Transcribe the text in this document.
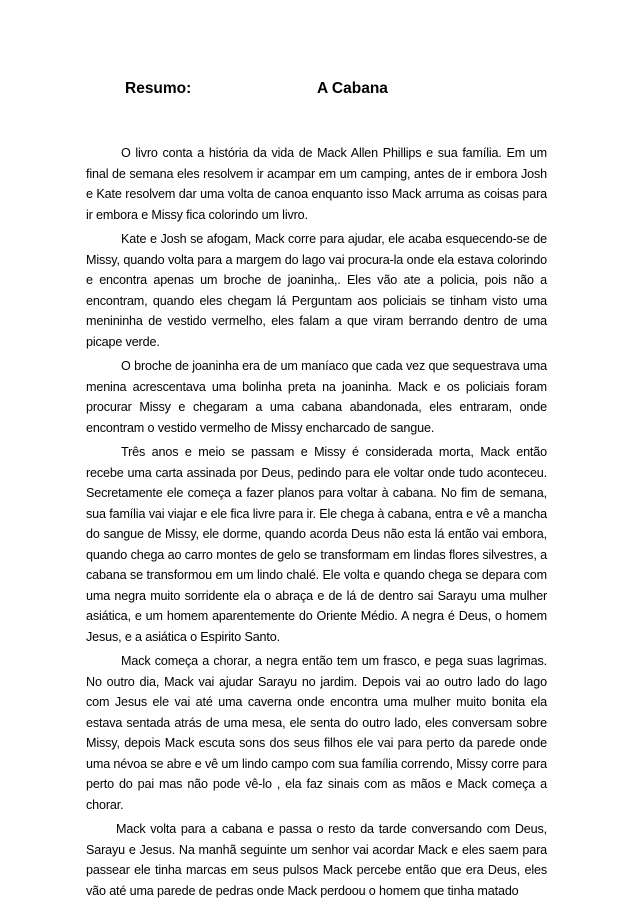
Resumo:	A Cabana

O livro conta a história da vida de Mack Allen Phillips e sua família. Em um final de semana eles resolvem ir acampar em um camping, antes de ir embora Josh e Kate resolvem dar uma volta de canoa enquanto isso Mack arruma as coisas para ir embora e Missy fica colorindo um livro.

Kate e Josh se afogam, Mack corre para ajudar, ele acaba esquecendo-se de Missy, quando volta para a margem do lago vai procura-la onde ela estava colorindo e encontra apenas um broche de joaninha,. Eles vão ate a policia, pois não a encontram, quando eles chegam lá Perguntam aos policiais se tinham visto uma menininha de vestido vermelho, eles falam a que viram berrando dentro de uma picape verde.

O broche de joaninha era de um maníaco que cada vez que sequestrava uma menina acrescentava uma bolinha preta na joaninha. Mack e os policiais foram procurar Missy e chegaram a uma cabana abandonada, eles entraram, onde encontram o vestido vermelho de Missy encharcado de sangue.

Três anos e meio se passam e Missy é considerada morta, Mack então recebe uma carta assinada por Deus, pedindo para ele voltar onde tudo aconteceu. Secretamente ele começa a fazer planos para voltar à cabana. No fim de semana, sua família vai viajar e ele fica livre para ir. Ele chega à cabana, entra e vê a mancha do sangue de Missy, ele dorme, quando acorda Deus não esta lá então vai embora, quando chega ao carro montes de gelo se transformam em lindas flores silvestres, a cabana se transformou em um lindo chalé. Ele volta e quando chega se depara com uma negra muito sorridente ela o abraça e de lá de dentro sai Sarayu uma mulher asiática, e um homem aparentemente do Oriente Médio. A negra é Deus, o homem Jesus, e a asiática o Espirito Santo.

Mack começa a chorar, a negra então tem um frasco, e pega suas lagrimas. No outro dia, Mack vai ajudar Sarayu no jardim. Depois vai ao outro lado do lago com Jesus ele vai até uma caverna onde encontra uma mulher muito bonita ela estava sentada atrás de uma mesa, ele senta do outro lado, eles conversam sobre Missy, depois Mack escuta sons dos seus filhos ele vai para perto da parede onde uma névoa se abre e vê um lindo campo com sua família correndo, Missy corre para perto do pai mas não pode vê-lo , ela faz sinais com as mãos e Mack começa a chorar.

Mack volta para a cabana e passa o resto da tarde conversando com Deus, Sarayu e Jesus. Na manhã seguinte um senhor vai acordar Mack e eles saem para passear ele tinha marcas em seus pulsos Mack percebe então que era Deus, eles vão até uma parede de pedras onde Mack perdoou o homem que tinha matado
